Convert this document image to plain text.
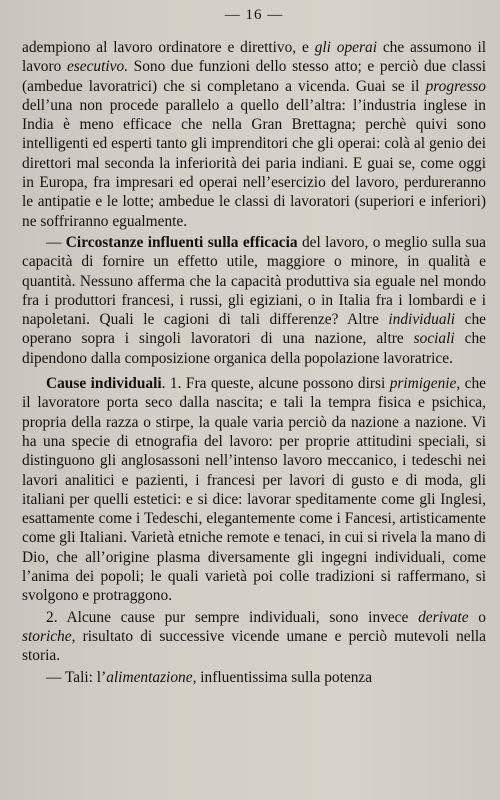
— 16 —

adempiono al lavoro ordinatore e direttivo, e gli operai che assumono il lavoro esecutivo. Sono due funzioni dello stesso atto; e perciò due classi (ambedue lavoratrici) che si completano a vicenda. Guai se il progresso dell’una non procede parallelo a quello dell’altra: l’industria inglese in India è meno efficace che nella Gran Brettagna; perchè quivi sono intelligenti ed esperti tanto gli imprenditori che gli operai: colà al genio dei direttori mal seconda la inferiorità dei paria indiani. E guai se, come oggi in Europa, fra impresari ed operai nell’esercizio del lavoro, perdureranno le antipatie e le lotte; ambedue le classi di lavoratori (superiori e inferiori) ne soffriranno egualmente.

— Circostanze influenti sulla efficacia del lavoro, o meglio sulla sua capacità di fornire un effetto utile, maggiore o minore, in qualità e quantità. Nessuno afferma che la capacità produttiva sia eguale nel mondo fra i produttori francesi, i russi, gli egiziani, o in Italia fra i lombardi e i napoletani. Quali le cagioni di tali differenze? Altre individuali che operano sopra i singoli lavoratori di una nazione, altre sociali che dipendono dalla composizione organica della popolazione lavoratrice.

Cause individuali. 1. Fra queste, alcune possono dirsi primigenie, che il lavoratore porta seco dalla nascita; e tali la tempra fisica e psichica, propria della razza o stirpe, la quale varia perciò da nazione a nazione. Vi ha una specie di etnografia del lavoro: per proprie attitudini speciali, si distinguono gli anglosassoni nell’intenso lavoro meccanico, i tedeschi nei lavori analitici e pazienti, i francesi per lavori di gusto e di moda, gli italiani per quelli estetici: e si dice: lavorar speditamente come gli Inglesi, esattamente come i Tedeschi, elegantemente come i Fancesi, artisticamente come gli Italiani. Varietà etniche remote e tenaci, in cui si rivela la mano di Dio, che all’origine plasma diversamente gli ingegni individuali, come l’anima dei popoli; le quali varietà poi colle tradizioni si raffermano, si svolgono e protraggono.

2. Alcune cause pur sempre individuali, sono invece derivate o storiche, risultato di successive vicende umane e perciò mutevoli nella storia.

— Tali: l’alimentazione, influentissima sulla potenza
